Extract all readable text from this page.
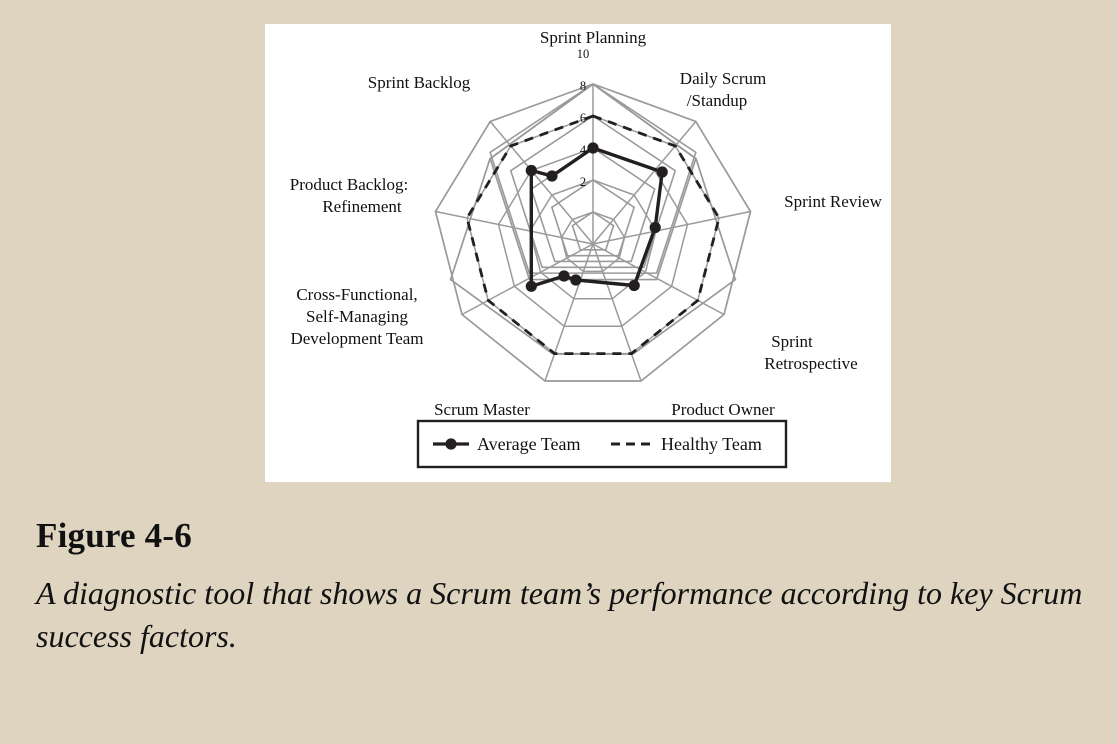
10
8
6
4
2
Sprint Planning
Daily Scrum
/Standup
Sprint Review
Sprint
Retrospective
Product Owner
Scrum Master
Cross-Functional,
Self-Managing
Development Team
Product Backlog:
Refinement
Sprint Backlog
Average Team	Healthy Team
Figure 4-6
A diagnostic tool that shows a Scrum team’s performance according to key Scrum success factors.
